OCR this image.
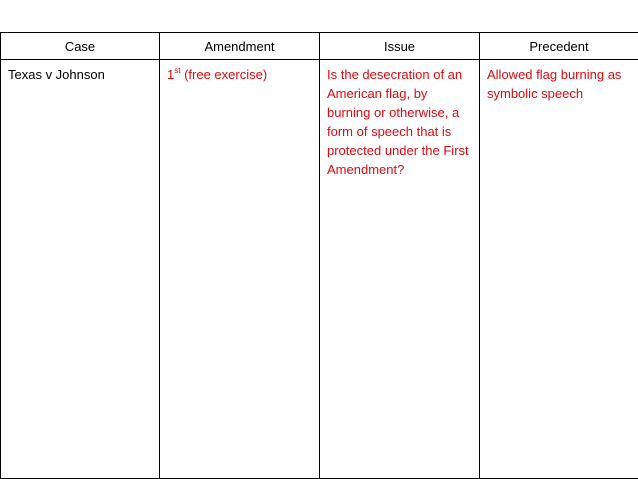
Case	Amendment	Issue	Precedent
Texas v Johnson	1st (free exercise)	Is the desecration of an American flag, by burning or otherwise, a form of speech that is protected under the First Amendment?	Allowed flag burning as symbolic speech
